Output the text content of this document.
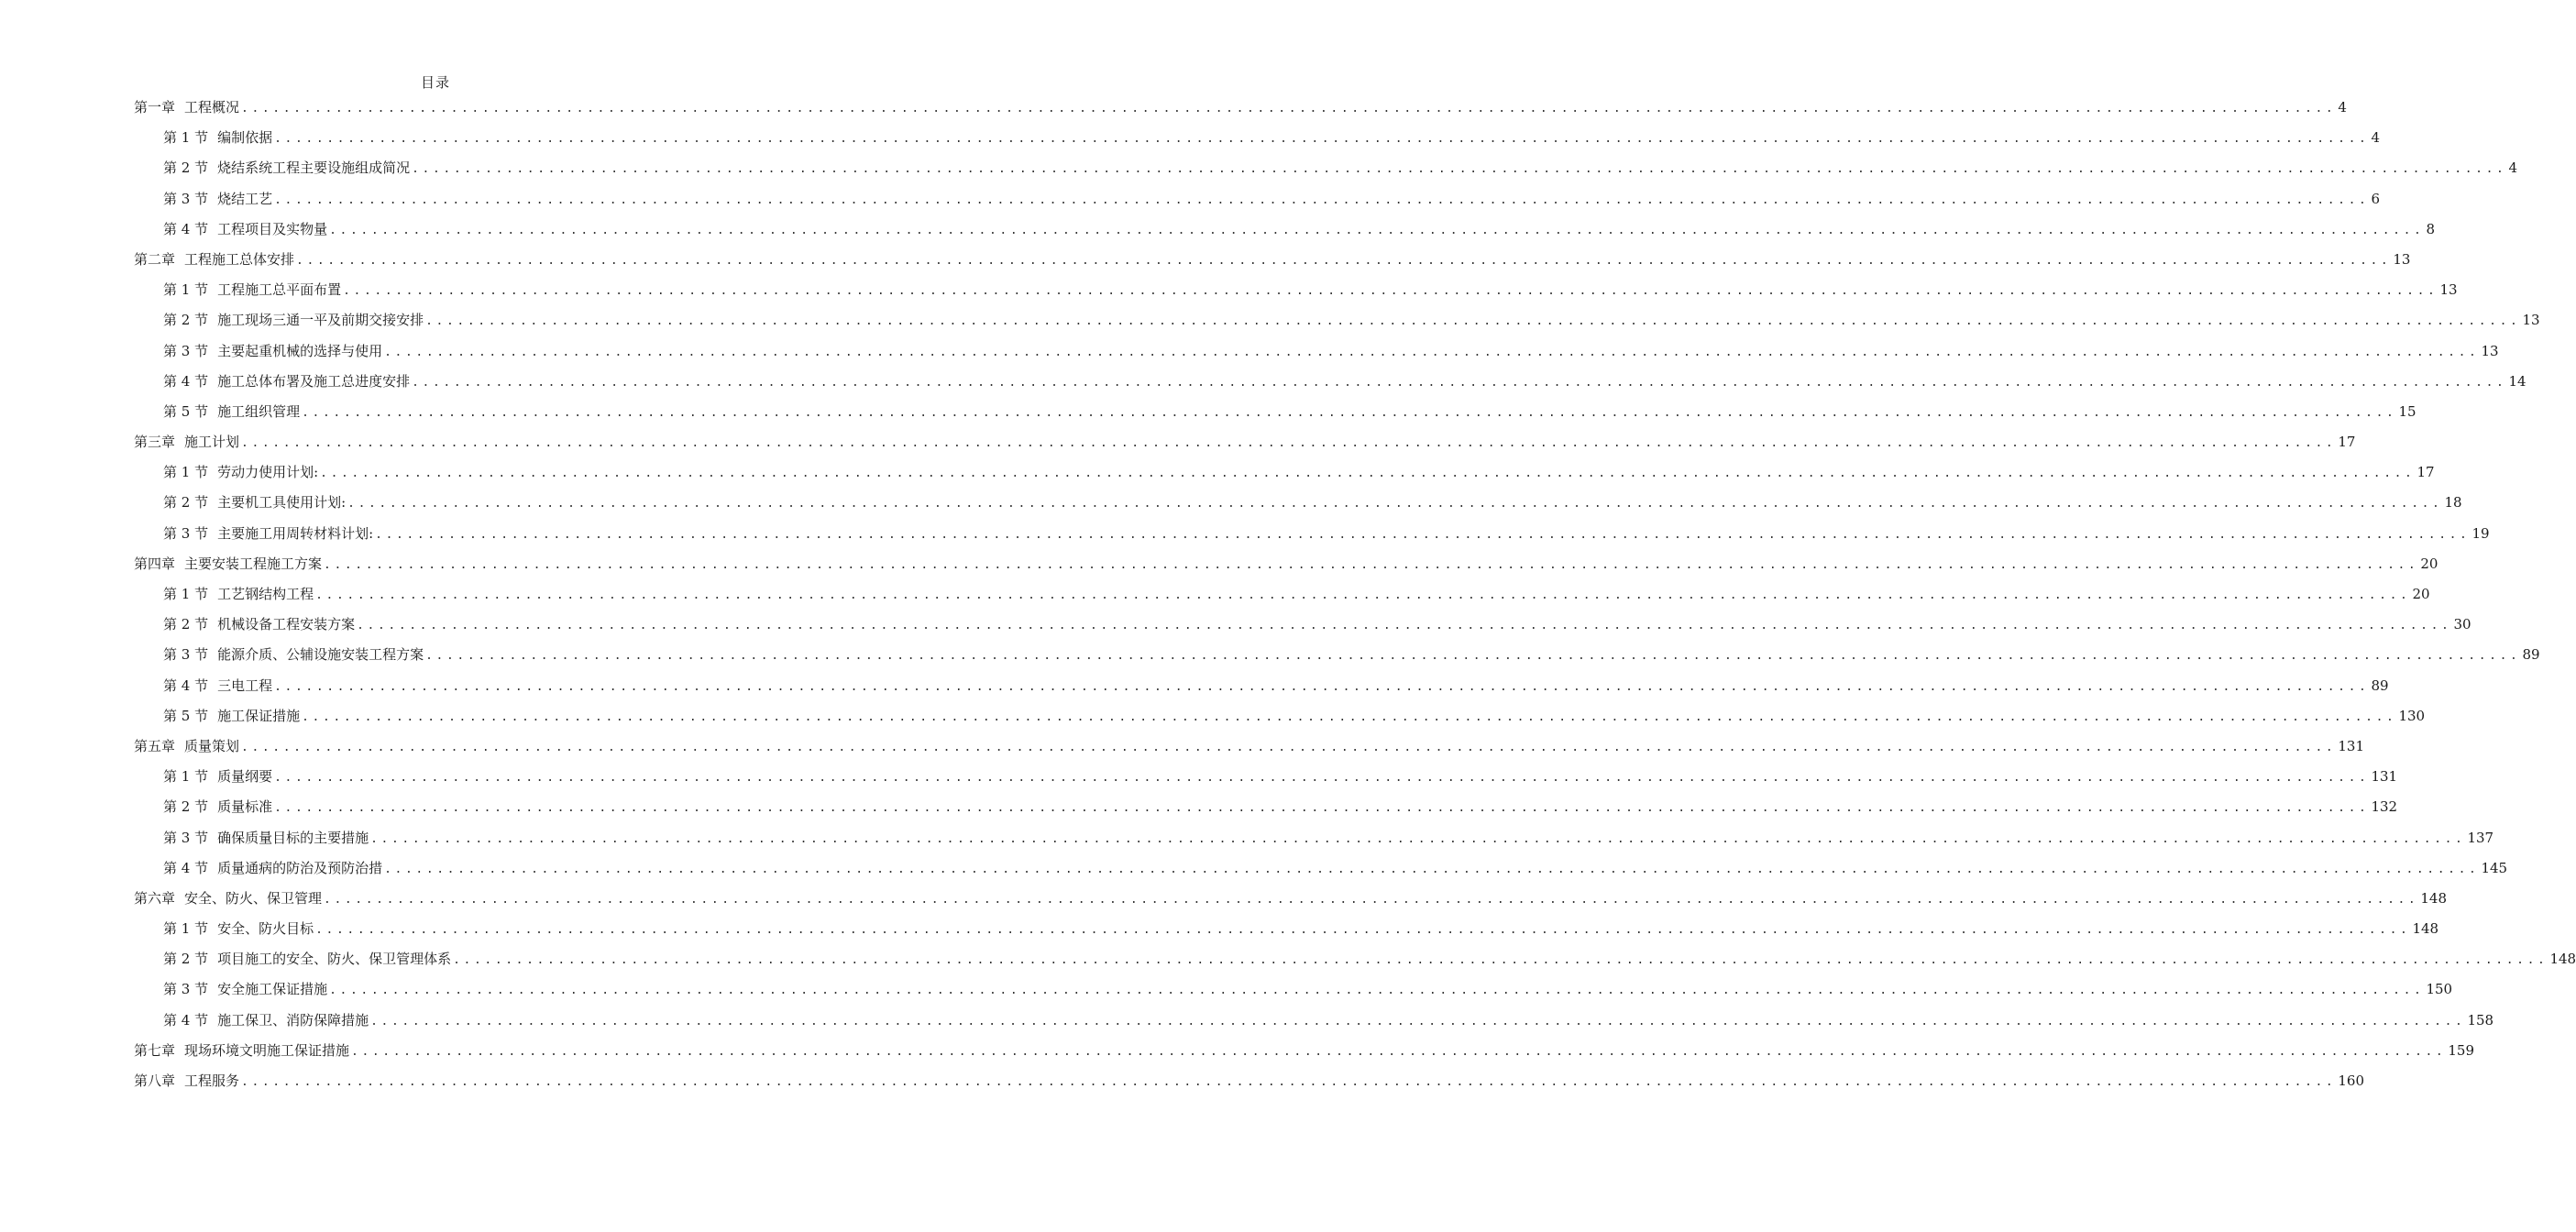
目录
第一章 工程概况 ........................................................................................................................................................................................................ 4
第 1 节 编制依据 ........................................................................................................................................................................................................ 4
第 2 节 烧结系统工程主要设施组成简况 ........................................................................................................................................................................................................ 4
第 3 节 烧结工艺 ........................................................................................................................................................................................................ 6
第 4 节 工程项目及实物量 ........................................................................................................................................................................................................ 8
第二章 工程施工总体安排 ........................................................................................................................................................................................................ 13
第 1 节 工程施工总平面布置 ........................................................................................................................................................................................................ 13
第 2 节 施工现场三通一平及前期交接安排 ........................................................................................................................................................................................................ 13
第 3 节 主要起重机械的选择与使用 ........................................................................................................................................................................................................ 13
第 4 节 施工总体布署及施工总进度安排 ........................................................................................................................................................................................................ 14
第 5 节 施工组织管理 ........................................................................................................................................................................................................ 15
第三章 施工计划 ........................................................................................................................................................................................................ 17
第 1 节 劳动力使用计划: ........................................................................................................................................................................................................ 17
第 2 节 主要机工具使用计划: ........................................................................................................................................................................................................ 18
第 3 节 主要施工用周转材料计划: ........................................................................................................................................................................................................ 19
第四章 主要安装工程施工方案 ........................................................................................................................................................................................................ 20
第 1 节 工艺钢结构工程 ........................................................................................................................................................................................................ 20
第 2 节 机械设备工程安装方案 ........................................................................................................................................................................................................ 30
第 3 节 能源介质、公辅设施安装工程方案 ........................................................................................................................................................................................................ 89
第 4 节 三电工程 ........................................................................................................................................................................................................ 89
第 5 节 施工保证措施 ........................................................................................................................................................................................................ 130
第五章 质量策划 ........................................................................................................................................................................................................ 131
第 1 节 质量纲要 ........................................................................................................................................................................................................ 131
第 2 节 质量标准 ........................................................................................................................................................................................................ 132
第 3 节 确保质量目标的主要措施 ........................................................................................................................................................................................................ 137
第 4 节 质量通病的防治及预防治措 ........................................................................................................................................................................................................ 145
第六章 安全、防火、保卫管理 ........................................................................................................................................................................................................ 148
第 1 节 安全、防火目标 ........................................................................................................................................................................................................ 148
第 2 节 项目施工的安全、防火、保卫管理体系 ........................................................................................................................................................................................................ 148
第 3 节 安全施工保证措施 ........................................................................................................................................................................................................ 150
第 4 节 施工保卫、消防保障措施 ........................................................................................................................................................................................................ 158
第七章 现场环境文明施工保证措施 ........................................................................................................................................................................................................ 159
第八章 工程服务 ........................................................................................................................................................................................................ 160
